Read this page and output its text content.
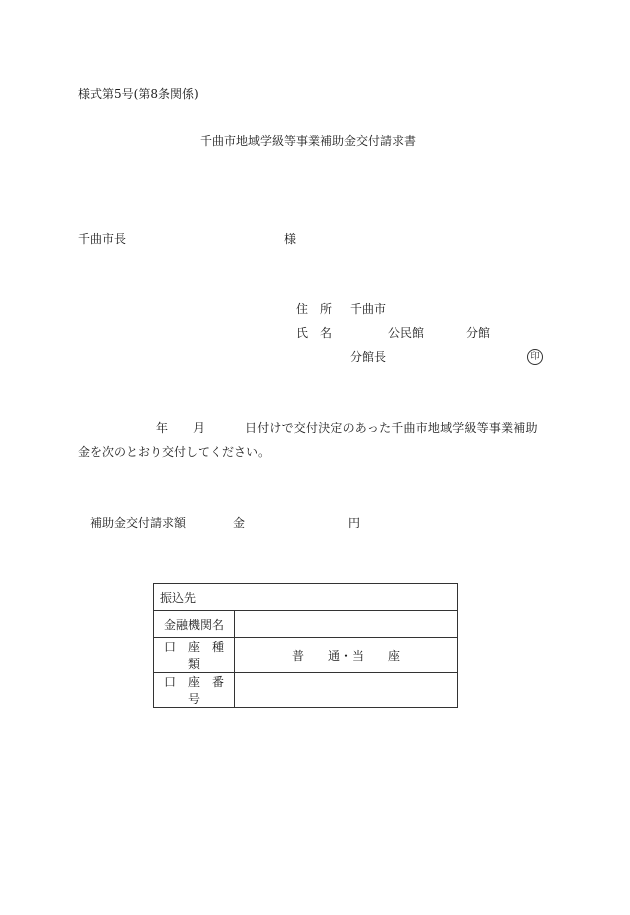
様式第5号(第8条関係)
千曲市地域学級等事業補助金交付請求書
千曲市長	様
住　所 千曲市
氏　名	公民館	分館
分館長	印
年 月	日付けで交付決定のあった千曲市地域学級等事業補助
金を次のとおり交付してください。
補助金交付請求額	金	円
振込先	
金融機関名	
口　座　種　類	普　　通・当　　座
口　座　番　号	
